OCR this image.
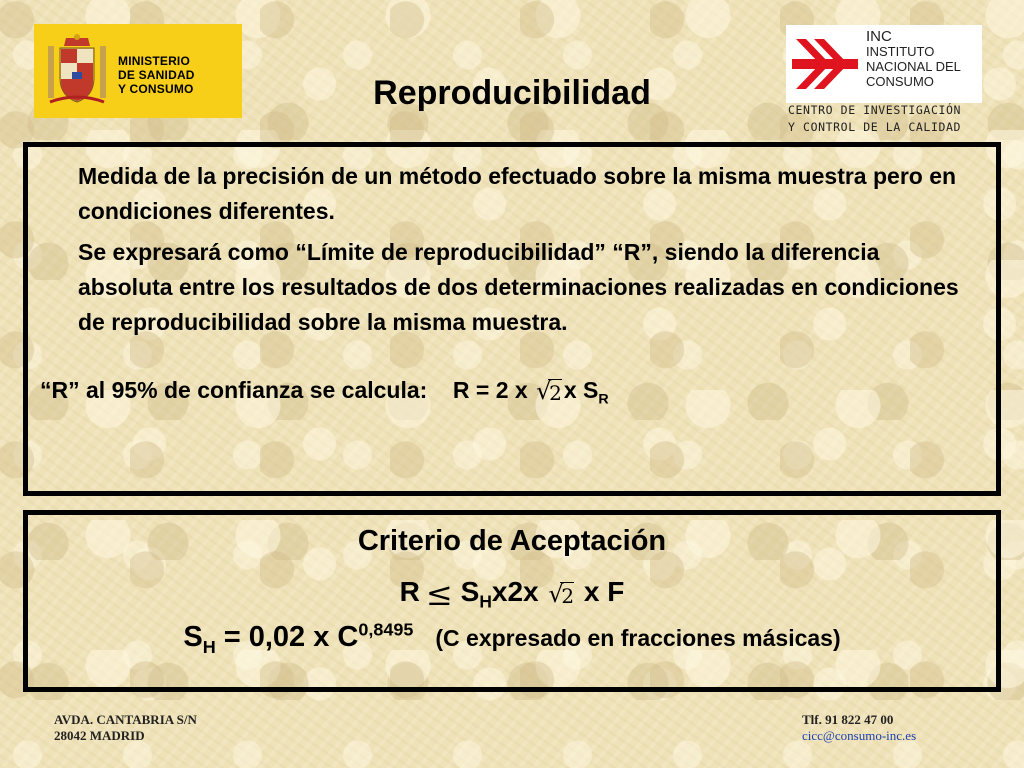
MINISTERIO
DE SANIDAD
Y CONSUMO	Reproducibilidad
INC
INSTITUTO
NACIONAL DEL
CONSUMO
CENTRO DE INVESTIGACIÓN
Y CONTROL DE LA CALIDAD
Medida de la precisión de un método efectuado sobre la misma muestra pero en condiciones diferentes.
Se expresará como “Límite de reproducibilidad” “R”, siendo la diferencia absoluta entre los resultados de dos determinaciones realizadas en condiciones de reproducibilidad sobre la misma muestra.
“R” al 95% de confianza se calcula: R = 2 x √
2x $S_R$
Criterio de Aceptación
$R \le S_Hx2x$ √
2 x F
$S_H = 0,02$ x $C^{0,8495}$ (C expresado en fracciones másicas)
AVDA. CANTABRIA S/N
28042 MADRID
Tlf. 91 822 47 00
cicc@consumo-inc.es
